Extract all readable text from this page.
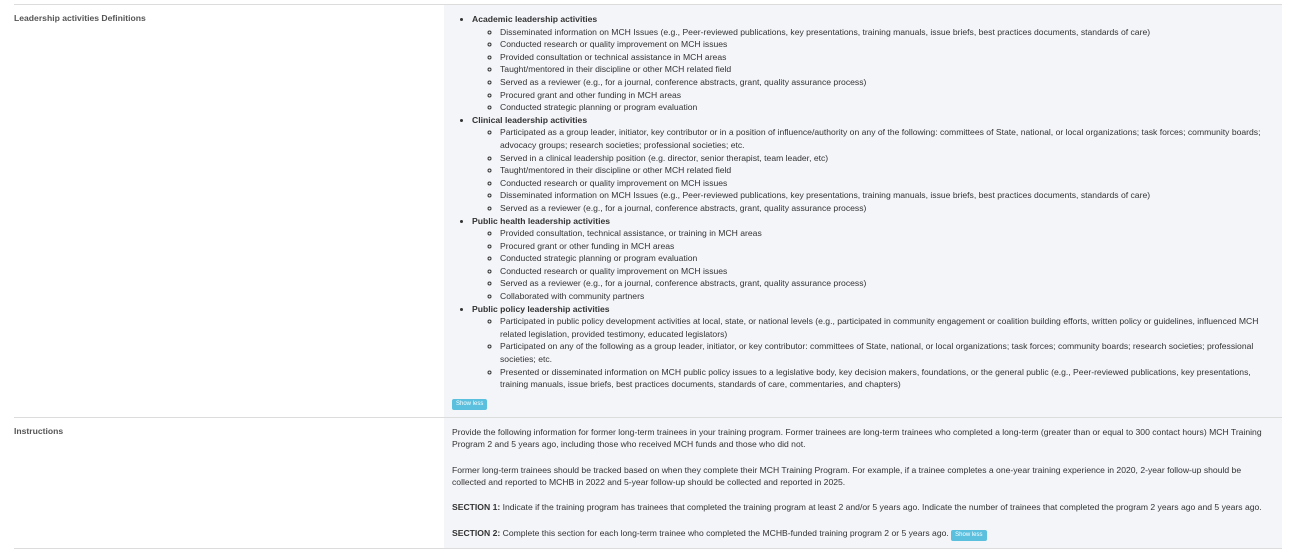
Leadership activities Definitions
•	Academic leadership activities
◦ Disseminated information on MCH Issues (e.g., Peer-reviewed publications, key presentations, training manuals, issue briefs, best practices documents, standards of care)
◦ Conducted research or quality improvement on MCH issues
◦ Provided consultation or technical assistance in MCH areas
◦ Taught/mentored in their discipline or other MCH related field
◦ Served as a reviewer (e.g., for a journal, conference abstracts, grant, quality assurance process)
◦ Procured grant and other funding in MCH areas
◦ Conducted strategic planning or program evaluation
• Clinical leadership activities
◦ Participated as a group leader, initiator, key contributor or in a position of influence/authority on any of the following: committees of State, national, or local organizations; task forces; community boards; advocacy groups; research societies; professional societies; etc.
◦ Served in a clinical leadership position (e.g. director, senior therapist, team leader, etc)
◦ Taught/mentored in their discipline or other MCH related field
◦ Conducted research or quality improvement on MCH issues
◦ Disseminated information on MCH Issues (e.g., Peer-reviewed publications, key presentations, training manuals, issue briefs, best practices documents, standards of care)
◦ Served as a reviewer (e.g., for a journal, conference abstracts, grant, quality assurance process)
• Public health leadership activities
◦ Provided consultation, technical assistance, or training in MCH areas
◦ Procured grant or other funding in MCH areas
◦ Conducted strategic planning or program evaluation
◦ Conducted research or quality improvement on MCH issues
◦ Served as a reviewer (e.g., for a journal, conference abstracts, grant, quality assurance process)
◦ Collaborated with community partners
• Public policy leadership activities
◦ Participated in public policy development activities at local, state, or national levels (e.g., participated in community engagement or coalition building efforts, written policy or guidelines, influenced MCH related legislation, provided testimony, educated legislators)
◦ Participated on any of the following as a group leader, initiator, or key contributor: committees of State, national, or local organizations; task forces; community boards; research societies; professional societies; etc.
◦ Presented or disseminated information on MCH public policy issues to a legislative body, key decision makers, foundations, or the general public (e.g., Peer-reviewed publications, key presentations, training manuals, issue briefs, best practices documents, standards of care, commentaries, and chapters)
Show less
Instructions	Provide the following information for former long-term trainees in your training program. Former trainees are long-term trainees who completed a long-term (greater than or equal to 300 contact hours) MCH Training Program 2 and 5 years ago, including those who received MCH funds and those who did not.

Former long-term trainees should be tracked based on when they complete their MCH Training Program. For example, if a trainee completes a one-year training experience in 2020, 2-year follow-up should be collected and reported to MCHB in 2022 and 5-year follow-up should be collected and reported in 2025.

SECTION 1: Indicate if the training program has trainees that completed the training program at least 2 and/or 5 years ago. Indicate the number of trainees that completed the program 2 years ago and 5 years ago.

SECTION 2: Complete this section for each long-term trainee who completed the MCHB-funded training program 2 or 5 years ago. Show less
